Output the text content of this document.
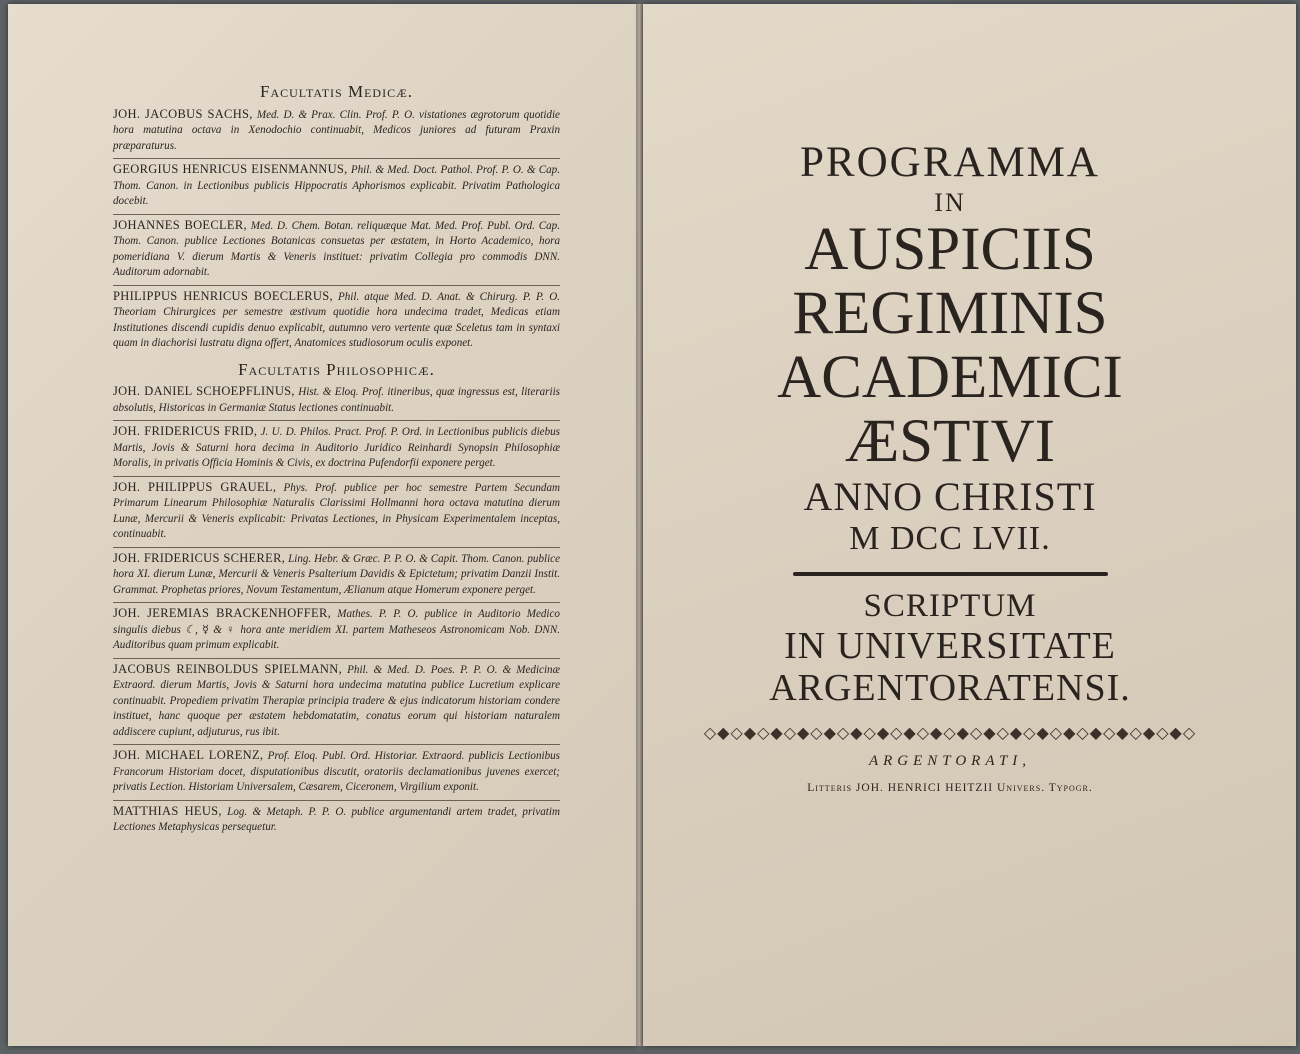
Facultatis Medicæ.
JOH. JACOBUS SACHS, Med. D. & Prax. Clin. Prof. P. O. vistationes ægrotorum quotidie hora matutina octava in Xenodochio continuabit, Medicos juniores ad futuram Praxin præparaturus.
GEORGIUS HENRICUS EISENMANNUS, Phil. & Med. Doct. Pathol. Prof. P. O. & Cap. Thom. Canon. in Lectionibus publicis Hippocratis Aphorismos explicabit. Privatim Pathologica docebit.
JOHANNES BOECLER, Med. D. Chem. Botan. reliquæque Mat. Med. Prof. Publ. Ord. Cap. Thom. Canon. publice Lectiones Botanicas consuetas per æstatem, in Horto Academico, hora pomeridiana V. dierum Martis & Veneris instituet: privatim Collegia pro commodis DNN. Auditorum adornabit.
PHILIPPUS HENRICUS BOECLERUS, Phil. atque Med. D. Anat. & Chirurg. P. P. O. Theoriam Chirurgices per semestre æstivum quotidie hora undecima tradet, Medicas etiam Institutiones discendi cupidis denuo explicabit, autumno vero vertente quæ Sceletus tam in syntaxi quam in diachorisi lustratu digna offert, Anatomices studiosorum oculis exponet.
Facultatis Philosophicæ.
JOH. DANIEL SCHOEPFLINUS, Hist. & Eloq. Prof. itineribus, quæ ingressus est, literariis absolutis, Historicas in Germaniæ Status lectiones continuabit.
JOH. FRIDERICUS FRID, J. U. D. Philos. Pract. Prof. P. Ord. in Lectionibus publicis diebus Martis, Jovis & Saturni hora decima in Auditorio Juridico Reinhardi Synopsin Philosophiæ Moralis, in privatis Officia Hominis & Civis, ex doctrina Pufendorfii exponere perget.
JOH. PHILIPPUS GRAUEL, Phys. Prof. publice per hoc semestre Partem Secundam Primarum Linearum Philosophiæ Naturalis Clarissimi Hollmanni hora octava matutina dierum Lunæ, Mercurii & Veneris explicabit: Privatas Lectiones, in Physicam Experimentalem inceptas, continuabit.
JOH. FRIDERICUS SCHERER, Ling. Hebr. & Græc. P. P. O. & Capit. Thom. Canon. publice hora XI. dierum Lunæ, Mercurii & Veneris Psalterium Davidis & Epictetum; privatim Danzii Instit. Grammat. Prophetas priores, Novum Testamentum, Ælianum atque Homerum exponere perget.
JOH. JEREMIAS BRACKENHOFFER, Mathes. P. P. O. publice in Auditorio Medico singulis diebus ☾, ☿ & ♀ hora ante meridiem XI. partem Matheseos Astronomicam Nob. DNN. Auditoribus quam primum explicabit.
JACOBUS REINBOLDUS SPIELMANN, Phil. & Med. D. Poes. P. P. O. & Medicinæ Extraord. dierum Martis, Jovis & Saturni hora undecima matutina publice Lucretium explicare continuabit. Propediem privatim Therapiæ principia tradere & ejus indicatorum historiam condere instituet, hanc quoque per æstatem hebdomatatim, conatus eorum qui historiam naturalem addiscere cupiunt, adjuturus, rus ibit.
JOH. MICHAEL LORENZ, Prof. Eloq. Publ. Ord. Historiar. Extraord. publicis Lectionibus Francorum Historiam docet, disputationibus discutit, oratoriis declamationibus juvenes exercet; privatis Lection. Historiam Universalem, Cæsarem, Ciceronem, Virgilium exponit.
MATTHIAS HEUS, Log. & Metaph. P. P. O. publice argumentandi artem tradet, privatim Lectiones Metaphysicas persequetur.
PROGRAMMA
IN
AUSPICIIS
REGIMINIS
ACADEMICI
ÆSTIVI
ANNO CHRISTI
M DCC LVII.
SCRIPTUM
IN UNIVERSITATE
ARGENTORATENSI.
◇◆◇◆◇◆◇◆◇◆◇◆◇◆◇◆◇◆◇◆◇◆◇◆◇◆◇◆◇◆◇◆◇◆◇◆◇
ARGENTORATI,
Litteris JOH. HENRICI HEITZII Univers. Typogr.
